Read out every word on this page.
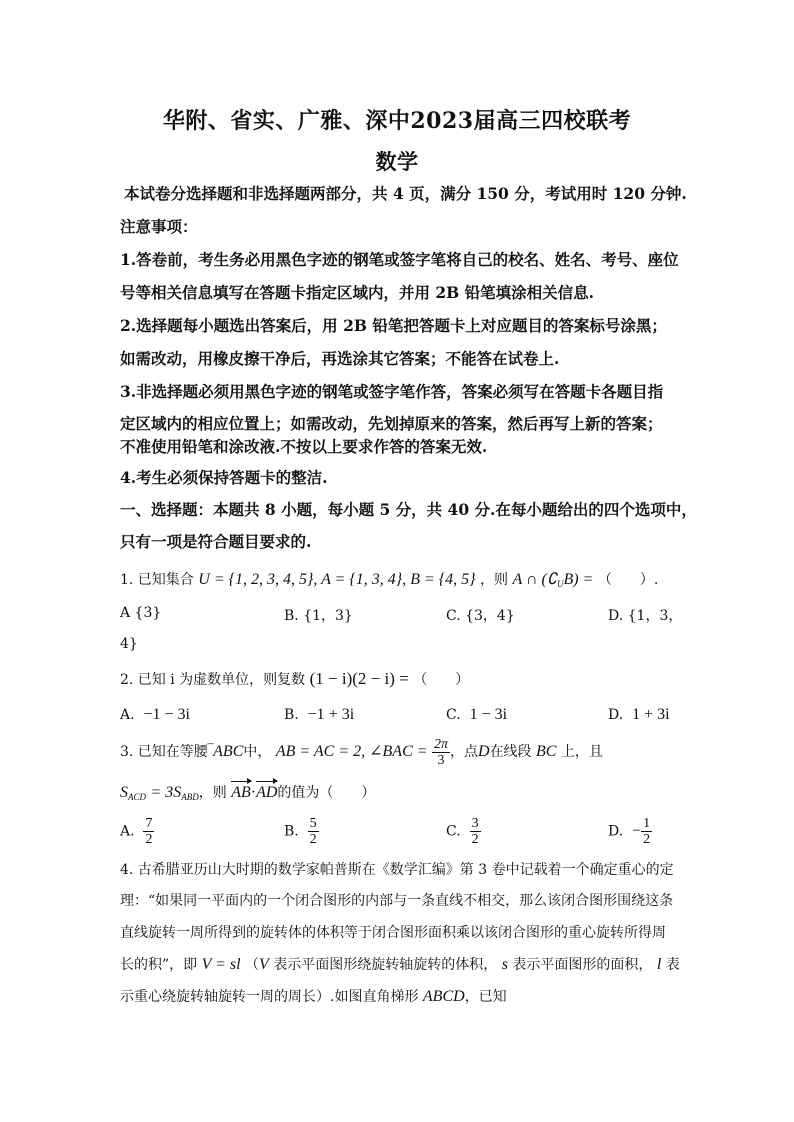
华附、省实、广雅、深中2023届高三四校联考
数学
本试卷分选择题和非选择题两部分，共 4 页，满分 150 分，考试用时 120 分钟.
注意事项：
1.答卷前，考生务必用黑色字迹的钢笔或签字笔将自己的校名、姓名、考号、座位
号等相关信息填写在答题卡指定区域内，并用 2B 铅笔填涂相关信息.
2.选择题每小题选出答案后，用 2B 铅笔把答题卡上对应题目的答案标号涂黑；
如需改动，用橡皮擦干净后，再选涂其它答案；不能答在试卷上.
3.非选择题必须用黑色字迹的钢笔或签字笔作答，答案必须写在答题卡各题目指
定区域内的相应位置上；如需改动，先划掉原来的答案，然后再写上新的答案；
不准使用铅笔和涂改液.不按以上要求作答的答案无效.
4.考生必须保持答题卡的整洁.
一、选择题：本题共 8 小题，每小题 5 分，共 40 分.在每小题给出的四个选项中，
只有一项是符合题目要求的.
1. 已知集合 U = {1, 2, 3, 4, 5}, A = {1, 3, 4}, B = {4, 5} ，则 A ∩ $(∁_UB)$ = （　　）.
A {3}	B. {1，3}	C. {3，4}	D. {1，3，
4}
2. 已知 i 为虚数单位，则复数 (1 − i)(2 − i) = （　　）
A. −1 − 3i	B. −1 + 3i	C. 1 − 3i	D. 1 + 3i
3. 已知在等腰‾ABC中， AB = AC = 2, ∠BAC = $\frac{2\pi}{3}$ ，点D在线段 BC 上，且
$S_{ACD} = 3S_{ABD}$，则 AB·AD的值为（　　）
A. $\frac{7}{2}$	B. $\frac{5}{2}$	C. $\frac{3}{2}$	D. − $\frac{1}{2}$
4. 古希腊亚历山大时期的数学家帕普斯在《数学汇编》第 3 卷中记载着一个确定重心的定
理：“如果同一平面内的一个闭合图形的内部与一条直线不相交，那么该闭合图形围绕这条
直线旋转一周所得到的旋转体的体积等于闭合图形面积乘以该闭合图形的重心旋转所得周
长的积”，即 V = sl （V 表示平面图形绕旋转轴旋转的体积， s 表示平面图形的面积， l 表
示重心绕旋转轴旋转一周的周长）.如图直角梯形 ABCD，已知
